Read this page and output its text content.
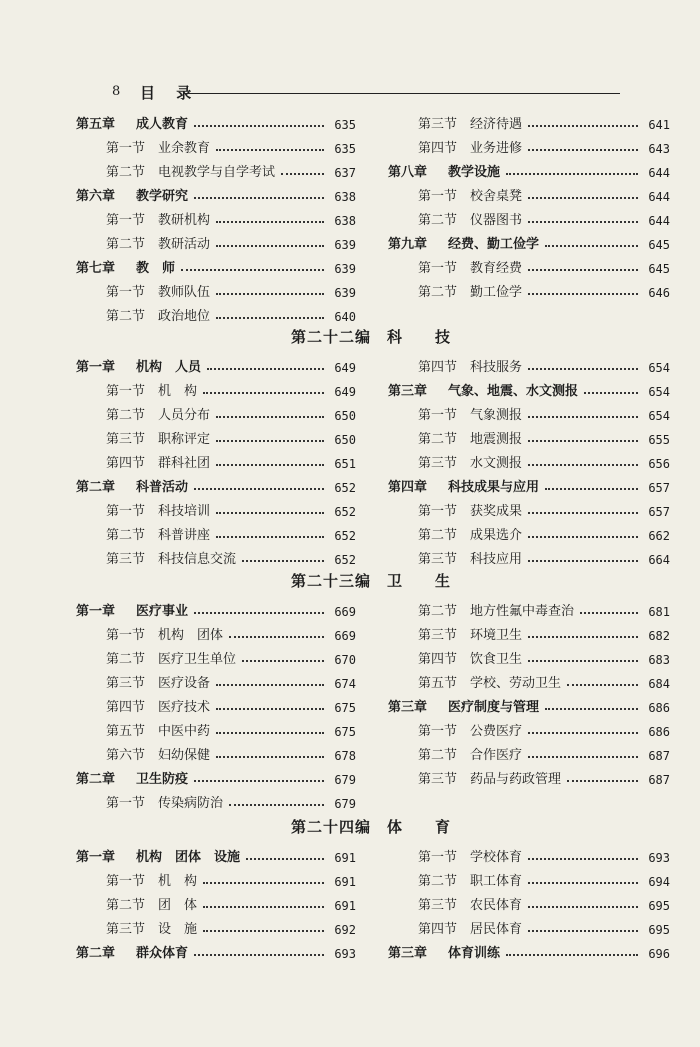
8 目 录
第五章 成人教育	635
第一节 业余教育	635
第二节 电视教学与自学考试	637
第六章 教学研究	638
第一节 教研机构	638
第二节 教研活动	639
第七章 教　师	639
第一节 教师队伍	639
第二节 政治地位	640
第三节 经济待遇	641
第四节 业务进修	643
第八章 教学设施	644
第一节 校舍桌凳	644
第二节 仪器图书	644
第九章 经费、勤工俭学	645
第一节 教育经费	645
第二节 勤工俭学	646
第二十二编　科　　技
第一章 机构　人员	649
第一节 机　构	649
第二节 人员分布	650
第三节 职称评定	650
第四节 群科社团	651
第二章 科普活动	652
第一节 科技培训	652
第二节 科普讲座	652
第三节 科技信息交流	652
第四节 科技服务	654
第三章 气象、地震、水文测报	654
第一节 气象测报	654
第二节 地震测报	655
第三节 水文测报	656
第四章 科技成果与应用	657
第一节 获奖成果	657
第二节 成果选介	662
第三节 科技应用	664
第二十三编　卫　　生
第一章 医疗事业	669
第一节 机构　团体	669
第二节 医疗卫生单位	670
第三节 医疗设备	674
第四节 医疗技术	675
第五节 中医中药	675
第六节 妇幼保健	678
第二章 卫生防疫	679
第一节 传染病防治	679
第二节 地方性氟中毒查治	681
第三节 环境卫生	682
第四节 饮食卫生	683
第五节 学校、劳动卫生	684
第三章 医疗制度与管理	686
第一节 公费医疗	686
第二节 合作医疗	687
第三节 药品与药政管理	687
第二十四编　体　　育
第一章 机构　团体　设施	691
第一节 机　构	691
第二节 团　体	691
第三节 设　施	692
第二章 群众体育	693
第一节 学校体育	693
第二节 职工体育	694
第三节 农民体育	695
第四节 居民体育	695
第三章 体育训练	696
